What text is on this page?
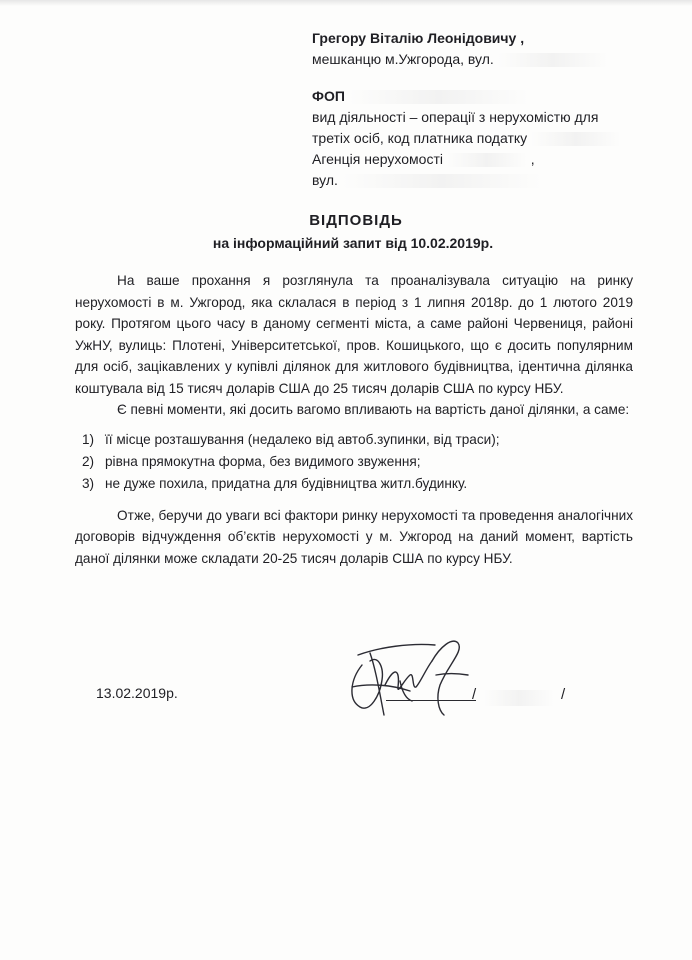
Грегору Віталію Леонідовичу ,
мешканцю м.Ужгорода, вул.
ФОП
вид діяльності – операції з нерухомістю для
третіх осіб, код платника податку
Агенція нерухомості	,
вул.
ВІДПОВІДЬ
на інформаційний запит від 10.02.2019р.

На ваше прохання я розглянула та проаналізувала ситуацію на ринку нерухомості в м. Ужгород, яка склалася в період з 1 липня 2018р. до 1 лютого 2019 року. Протягом цього часу в даному сегменті міста, а саме районі Червениця, районі УжНУ, вулиць: Плотені, Університетської, пров. Кошицького, що є досить популярним для осіб, зацікавлених у купівлі ділянок для житлового будівництва, ідентична ділянка коштувала від 15 тисяч доларів США до 25 тисяч доларів США по курсу НБУ.

Є певні моменти, які досить вагомо впливають на вартість даної ділянки, а саме:

1) її місце розташування (недалеко від автоб.зупинки, від траси);
2) рівна прямокутна форма, без видимого звуження;
3) не дуже похила, придатна для будівництва житл.будинку.

Отже, беручи до уваги всі фактори ринку нерухомості та проведення аналогічних договорів відчуждення об’єктів нерухомості у м. Ужгород на даний момент, вартість даної ділянки може складати 20-25 тисяч доларів США по курсу НБУ.

13.02.2019р.	/	/
